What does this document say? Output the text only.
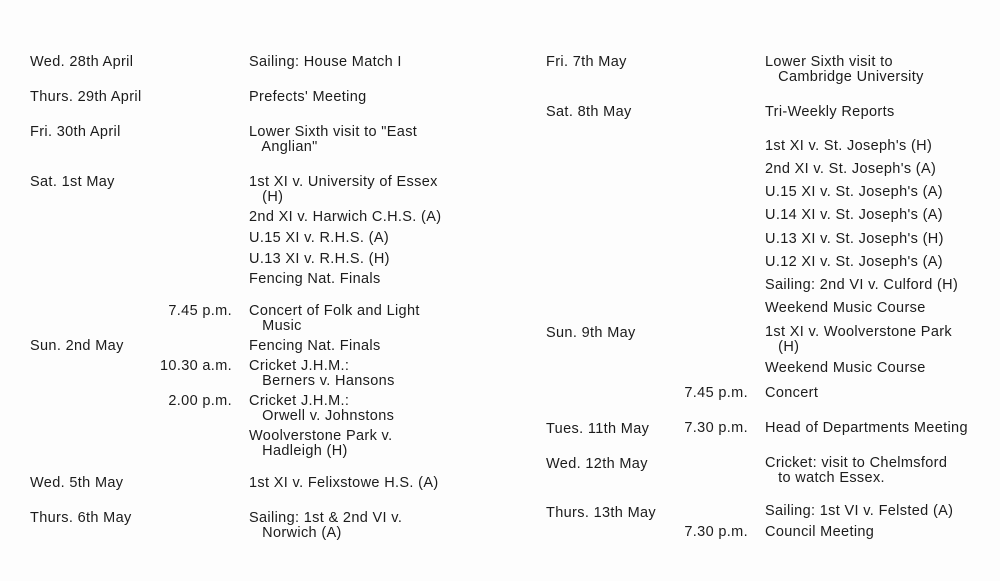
Wed. 28th April	Sailing: House Match I
Thurs. 29th April	Prefects' Meeting
Fri. 30th April	Lower Sixth visit to "East
Anglian"
Sat. 1st May	1st XI v. University of Essex
(H)
2nd XI v. Harwich C.H.S. (A)
U.15 XI v. R.H.S. (A)
U.13 XI v. R.H.S. (H)
Fencing Nat. Finals
7.45 p.m. Concert of Folk and Light
Music
Sun. 2nd May	Fencing Nat. Finals
10.30 a.m. Cricket J.H.M.:
Berners v. Hansons
2.00 p.m. Cricket J.H.M.:
Orwell v. Johnstons
Woolverstone Park v.
Hadleigh (H)
Wed. 5th May	1st XI v. Felixstowe H.S. (A)
Thurs. 6th May	Sailing: 1st & 2nd VI v.
Norwich (A)
Fri. 7th May	Lower Sixth visit to
Cambridge University
Sat. 8th May	Tri-Weekly Reports
1st XI v. St. Joseph's (H)
2nd XI v. St. Joseph's (A)
U.15 XI v. St. Joseph's (A)
U.14 XI v. St. Joseph's (A)
U.13 XI v. St. Joseph's (H)
U.12 XI v. St. Joseph's (A)
Sailing: 2nd VI v. Culford (H)
Weekend Music Course
Sun. 9th May	1st XI v. Woolverstone Park
(H)
Weekend Music Course
7.45 p.m. Concert
Tues. 11th May	7.30 p.m. Head of Departments Meeting
Wed. 12th May	Cricket: visit to Chelmsford
to watch Essex.
Thurs. 13th May	Sailing: 1st VI v. Felsted (A)
7.30 p.m. Council Meeting
